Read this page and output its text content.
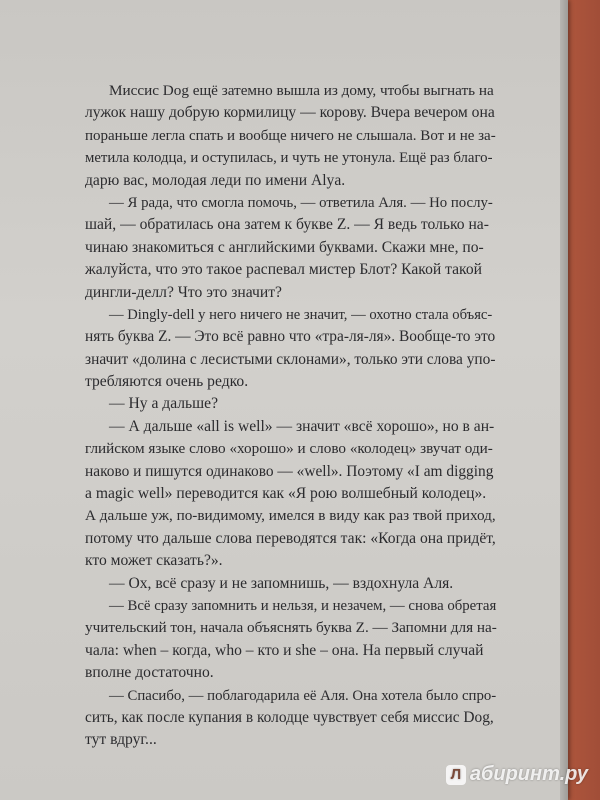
Миссис Dog ещё затемно вышла из дому, чтобы выгнать на
лужок нашу добрую кормилицу — корову. Вчера вечером она
пораньше легла спать и вообще ничего не слышала. Вот и не за-
метила колодца, и оступилась, и чуть не утонула. Ещё раз благо-
дарю вас, молодая леди по имени Alya.
— Я рада, что смогла помочь, — ответила Аля. — Но послу-
шай, — обратилась она затем к букве Z. — Я ведь только на-
чинаю знакомиться с английскими буквами. Скажи мне, по-
жалуйста, что это такое распевал мистер Блот? Какой такой
дингли-делл? Что это значит?
— Dingly-dell у него ничего не значит, — охотно стала объяс-
нять буква Z. — Это всё равно что «тра-ля-ля». Вообще-то это
значит «долина с лесистыми склонами», только эти слова упо-
требляются очень редко.
— Ну а дальше?
— А дальше «all is well» — значит «всё хорошо», но в ан-
глийском языке слово «хорошо» и слово «колодец» звучат оди-
наково и пишутся одинаково — «well». Поэтому «I am digging
a magic well» переводится как «Я рою волшебный колодец».
А дальше уж, по-видимому, имелся в виду как раз твой приход,
потому что дальше слова переводятся так: «Когда она придёт,
кто может сказать?».
— Ох, всё сразу и не запомнишь, — вздохнула Аля.
— Всё сразу запомнить и нельзя, и незачем, — снова обретая
учительский тон, начала объяснять буква Z. — Запомни для на-
чала: when – когда, who – кто и she – она. На первый случай
вполне достаточно.
— Спасибо, — поблагодарила её Аля. Она хотела было спро-
сить, как после купания в колодце чувствует себя миссис Dog,
тут вдруг...
Л абиринт.ру
